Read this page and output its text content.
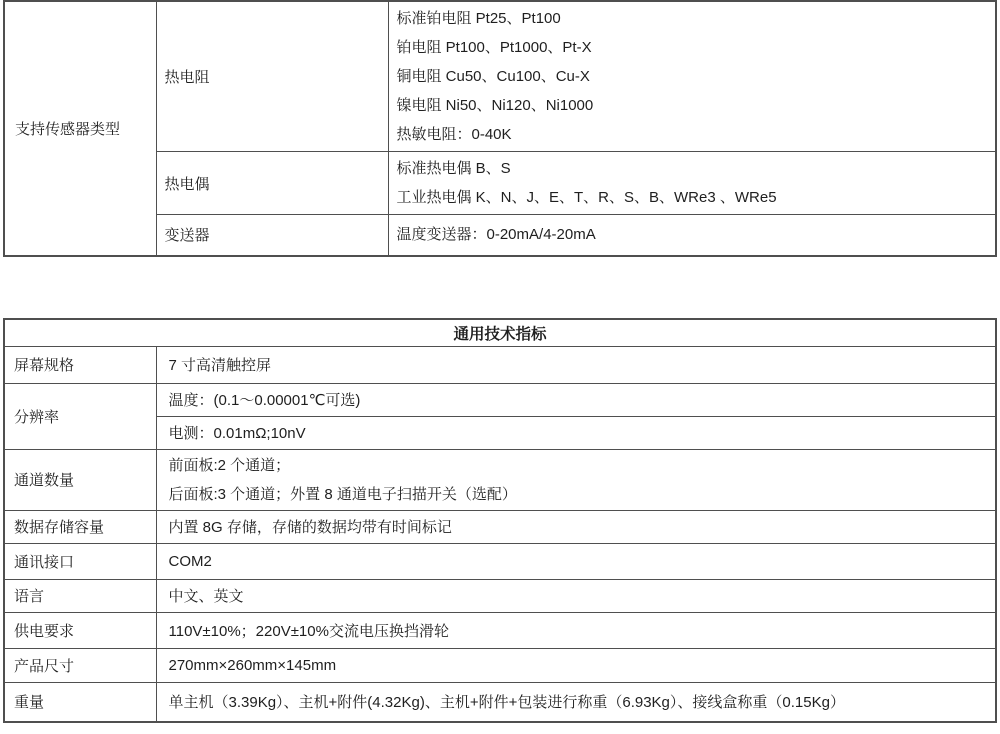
支持传感器类型	热电阻	标准铂电阻 Pt25、Pt100
铂电阻 Pt100、Pt1000、Pt-X
铜电阻 Cu50、Cu100、Cu-X
镍电阻 Ni50、Ni120、Ni1000
热敏电阻：0-40K

	热电偶	标准热电偶 B、S
工业热电偶 K、N、J、E、T、R、S、B、WRe3 、WRe5

	变送器	温度变送器：0-20mA/4-20mA
通用技术指标	
屏幕规格	7 寸高清触控屏
分辨率	温度：(0.1～0.00001℃可选)
	电测：0.01mΩ;10nV
通道数量	前面板:2 个通道；
后面板:3 个通道；外置 8 通道电子扫描开关（选配）

数据存储容量	内置 8G 存储，存储的数据均带有时间标记
通讯接口	COM2
语言	中文、英文
供电要求	110V±10%；220V±10%交流电压换挡滑轮
产品尺寸	270mm×260mm×145mm
重量	单主机（3.39Kg）、主机+附件(4.32Kg)、主机+附件+包装进行称重（6.93Kg）、接线盒称重（0.15Kg）
